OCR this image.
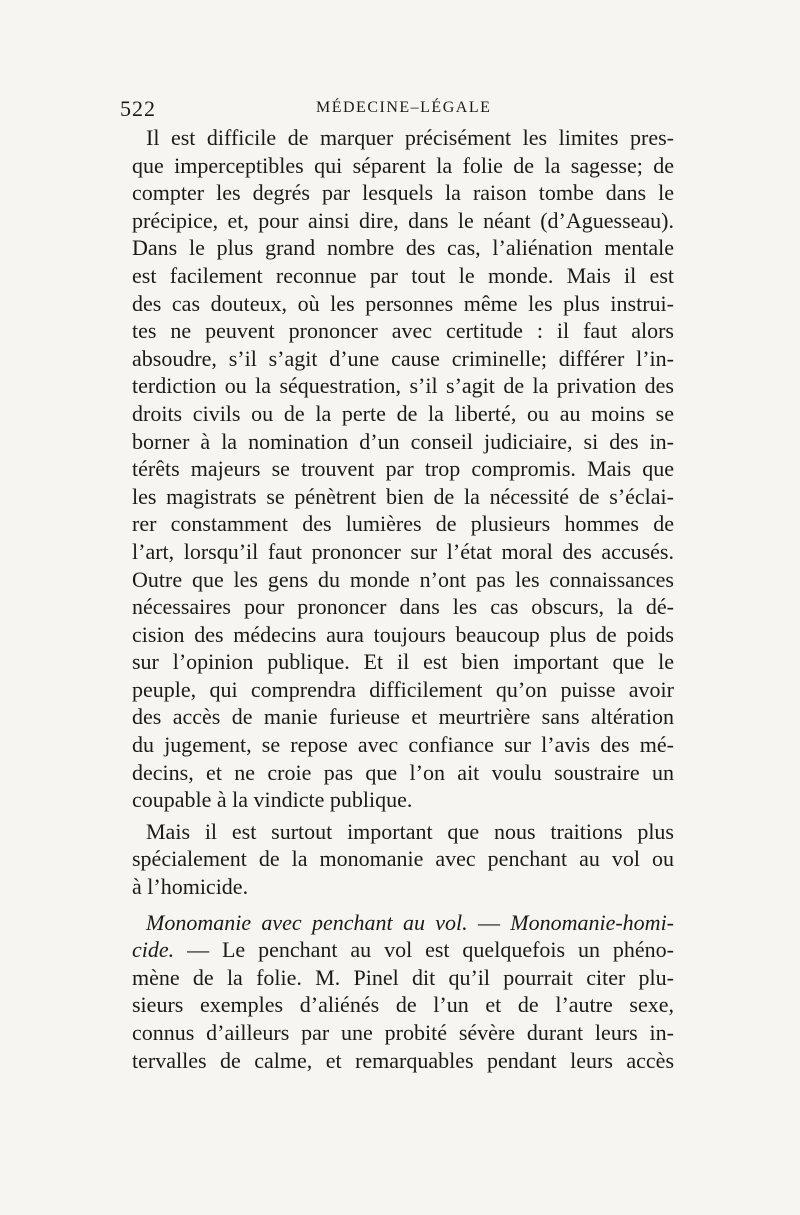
522	MÉDECINE–LÉGALE
Il est difficile de marquer précisément les limites pres-
que imperceptibles qui séparent la folie de la sagesse; de
compter les degrés par lesquels la raison tombe dans le
précipice, et, pour ainsi dire, dans le néant (d’Aguesseau).
Dans le plus grand nombre des cas, l’aliénation mentale
est facilement reconnue par tout le monde. Mais il est
des cas douteux, où les personnes même les plus instrui-
tes ne peuvent prononcer avec certitude : il faut alors
absoudre, s’il s’agit d’une cause criminelle; différer l’in-
terdiction ou la séquestration, s’il s’agit de la privation des
droits civils ou de la perte de la liberté, ou au moins se
borner à la nomination d’un conseil judiciaire, si des in-
térêts majeurs se trouvent par trop compromis. Mais que
les magistrats se pénètrent bien de la nécessité de s’éclai-
rer constamment des lumières de plusieurs hommes de
l’art, lorsqu’il faut prononcer sur l’état moral des accusés.
Outre que les gens du monde n’ont pas les connaissances
nécessaires pour prononcer dans les cas obscurs, la dé-
cision des médecins aura toujours beaucoup plus de poids
sur l’opinion publique. Et il est bien important que le
peuple, qui comprendra difficilement qu’on puisse avoir
des accès de manie furieuse et meurtrière sans altération
du jugement, se repose avec confiance sur l’avis des mé-
decins, et ne croie pas que l’on ait voulu soustraire un
coupable à la vindicte publique.
Mais il est surtout important que nous traitions plus
spécialement de la monomanie avec penchant au vol ou
à l’homicide.
Monomanie avec penchant au vol. — Monomanie-homi-
cide. — Le penchant au vol est quelquefois un phéno-
mène de la folie. M. Pinel dit qu’il pourrait citer plu-
sieurs exemples d’aliénés de l’un et de l’autre sexe,
connus d’ailleurs par une probité sévère durant leurs in-
tervalles de calme, et remarquables pendant leurs accès
